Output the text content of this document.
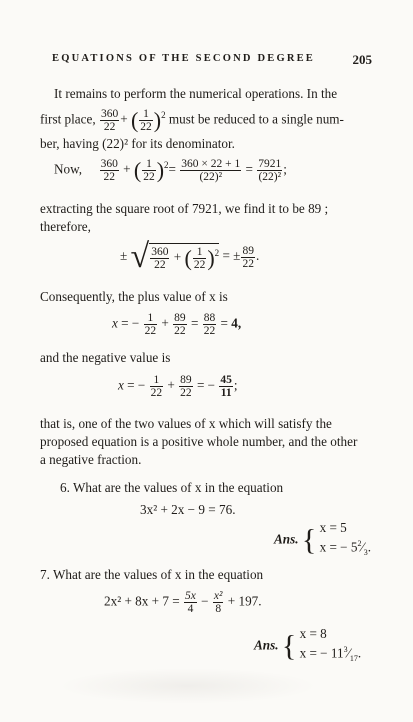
EQUATIONS OF THE SECOND DEGREE	205
It remains to perform the numerical operations. In the
first place, $\frac{360}{22}$ + ( $\frac{1}{22} )^2$ must be reduced to a single num-
ber, having (22)² for its denominator.
Now, $\frac{360}{22}$ + ( $\frac{1}{22} )^2= \frac{360 \times 22 + 1}{\text{(22)²}} = \frac{7921}{\text{(22)²}}$ ;
extracting the square root of 7921, we find it to be 89 ;
therefore,
± √ $\frac{360}{22}$ + ( $\frac{1}{22} )^2$ = ± $\frac{89}{22}$ .
Consequently, the plus value of x is
x = − $\frac{1}{22} + \frac{89}{22} = \frac{88}{22} = 4$,
and the negative value is
x = − $\frac{1}{22} + \frac{89}{22}$ = − $\frac{45}{11}$ ;
that is, one of the two values of x which will satisfy the
proposed equation is a positive whole number, and the other
a negative fraction.
6. What are the values of x in the equation
3x² + 2x − 9 = 76.
Ans. { x = 5
x = − $5^2⁄_3$.
7. What are the values of x in the equation
$2x^2 + 8x + 7 = \frac{5x}{4} - \frac{\text{x²}}{8} + 197$.
Ans. { x = 8
x = − $11^3⁄_{17}$.
